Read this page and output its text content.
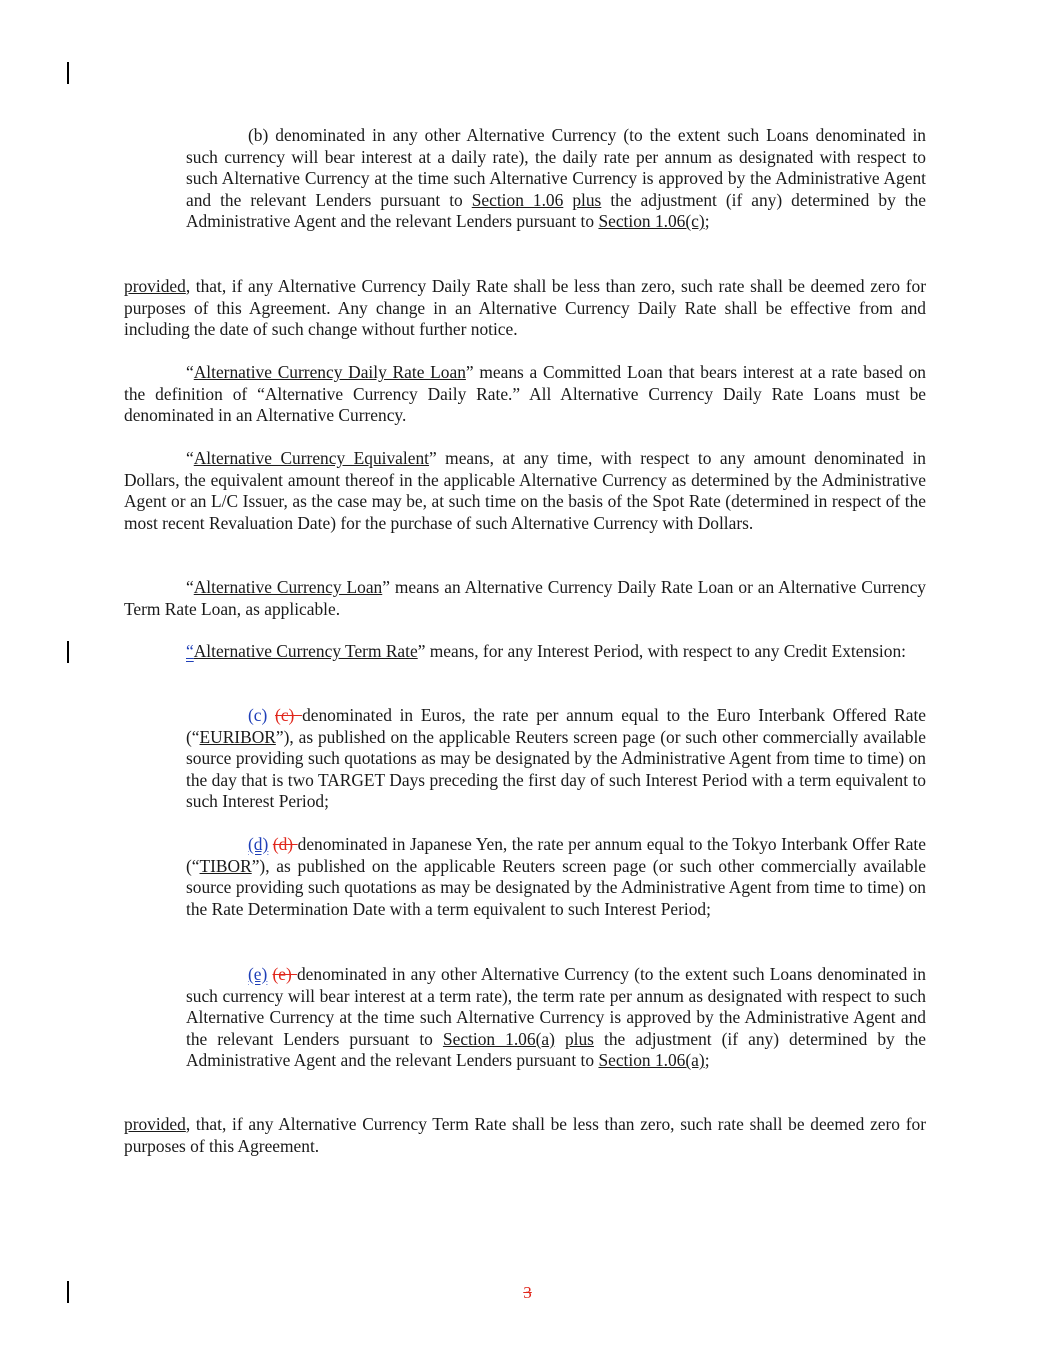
(b) denominated in any other Alternative Currency (to the extent such Loans denominated in such currency will bear interest at a daily rate), the daily rate per annum as designated with respect to such Alternative Currency at the time such Alternative Currency is approved by the Administrative Agent and the relevant Lenders pursuant to Section 1.06 plus the adjustment (if any) determined by the Administrative Agent and the relevant Lenders pursuant to Section 1.06(c);

provided, that, if any Alternative Currency Daily Rate shall be less than zero, such rate shall be deemed zero for purposes of this Agreement. Any change in an Alternative Currency Daily Rate shall be effective from and including the date of such change without further notice.

“Alternative Currency Daily Rate Loan” means a Committed Loan that bears interest at a rate based on the definition of “Alternative Currency Daily Rate.” All Alternative Currency Daily Rate Loans must be denominated in an Alternative Currency.

“Alternative Currency Equivalent” means, at any time, with respect to any amount denominated in Dollars, the equivalent amount thereof in the applicable Alternative Currency as determined by the Administrative Agent or an L/C Issuer, as the case may be, at such time on the basis of the Spot Rate (determined in respect of the most recent Revaluation Date) for the purchase of such Alternative Currency with Dollars.

“Alternative Currency Loan” means an Alternative Currency Daily Rate Loan or an Alternative Currency Term Rate Loan, as applicable.

“Alternative Currency Term Rate” means, for any Interest Period, with respect to any Credit Extension:

(c) (c) denominated in Euros, the rate per annum equal to the Euro Interbank Offered Rate (“EURIBOR”), as published on the applicable Reuters screen page (or such other commercially available source providing such quotations as may be designated by the Administrative Agent from time to time) on the day that is two TARGET Days preceding the first day of such Interest Period with a term equivalent to such Interest Period;

(d) (d) denominated in Japanese Yen, the rate per annum equal to the Tokyo Interbank Offer Rate (“TIBOR”), as published on the applicable Reuters screen page (or such other commercially available source providing such quotations as may be designated by the Administrative Agent from time to time) on the Rate Determination Date with a term equivalent to such Interest Period;

(e) (e) denominated in any other Alternative Currency (to the extent such Loans denominated in such currency will bear interest at a term rate), the term rate per annum as designated with respect to such Alternative Currency at the time such Alternative Currency is approved by the Administrative Agent and the relevant Lenders pursuant to Section 1.06(a) plus the adjustment (if any) determined by the Administrative Agent and the relevant Lenders pursuant to Section 1.06(a);

provided, that, if any Alternative Currency Term Rate shall be less than zero, such rate shall be deemed zero for purposes of this Agreement.

3
